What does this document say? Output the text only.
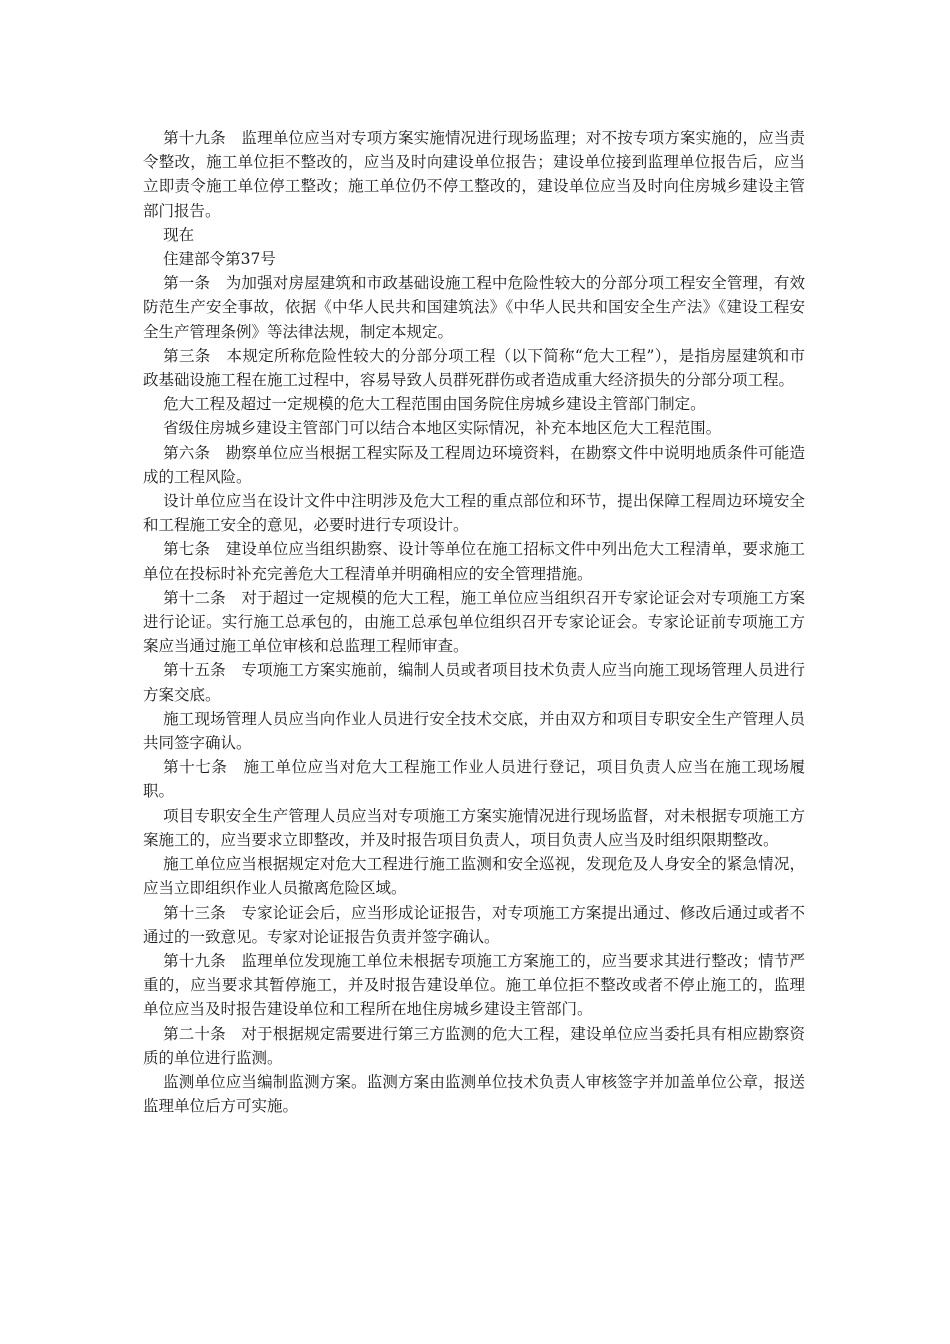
第十九条　监理单位应当对专项方案实施情况进行现场监理；对不按专项方案实施的，应当责令整改，施工单位拒不整改的，应当及时向建设单位报告；建设单位接到监理单位报告后，应当立即责令施工单位停工整改；施工单位仍不停工整改的，建设单位应当及时向住房城乡建设主管部门报告。

现在

住建部令第37号

第一条　为加强对房屋建筑和市政基础设施工程中危险性较大的分部分项工程安全管理，有效防范生产安全事故，依据《中华人民共和国建筑法》《中华人民共和国安全生产法》《建设工程安全生产管理条例》等法律法规，制定本规定。

第三条　本规定所称危险性较大的分部分项工程（以下简称“危大工程”），是指房屋建筑和市政基础设施工程在施工过程中，容易导致人员群死群伤或者造成重大经济损失的分部分项工程。

危大工程及超过一定规模的危大工程范围由国务院住房城乡建设主管部门制定。

省级住房城乡建设主管部门可以结合本地区实际情况，补充本地区危大工程范围。

第六条　勘察单位应当根据工程实际及工程周边环境资料，在勘察文件中说明地质条件可能造成的工程风险。

设计单位应当在设计文件中注明涉及危大工程的重点部位和环节，提出保障工程周边环境安全和工程施工安全的意见，必要时进行专项设计。

第七条　建设单位应当组织勘察、设计等单位在施工招标文件中列出危大工程清单，要求施工单位在投标时补充完善危大工程清单并明确相应的安全管理措施。

第十二条　对于超过一定规模的危大工程，施工单位应当组织召开专家论证会对专项施工方案进行论证。实行施工总承包的，由施工总承包单位组织召开专家论证会。专家论证前专项施工方案应当通过施工单位审核和总监理工程师审查。

第十五条　专项施工方案实施前，编制人员或者项目技术负责人应当向施工现场管理人员进行方案交底。

施工现场管理人员应当向作业人员进行安全技术交底，并由双方和项目专职安全生产管理人员共同签字确认。

第十七条　施工单位应当对危大工程施工作业人员进行登记，项目负责人应当在施工现场履职。

项目专职安全生产管理人员应当对专项施工方案实施情况进行现场监督，对未根据专项施工方案施工的，应当要求立即整改，并及时报告项目负责人，项目负责人应当及时组织限期整改。

施工单位应当根据规定对危大工程进行施工监测和安全巡视，发现危及人身安全的紧急情况，应当立即组织作业人员撤离危险区域。

第十三条　专家论证会后，应当形成论证报告，对专项施工方案提出通过、修改后通过或者不通过的一致意见。专家对论证报告负责并签字确认。

第十九条　监理单位发现施工单位未根据专项施工方案施工的，应当要求其进行整改；情节严重的，应当要求其暂停施工，并及时报告建设单位。施工单位拒不整改或者不停止施工的，监理单位应当及时报告建设单位和工程所在地住房城乡建设主管部门。

第二十条　对于根据规定需要进行第三方监测的危大工程，建设单位应当委托具有相应勘察资质的单位进行监测。

监测单位应当编制监测方案。监测方案由监测单位技术负责人审核签字并加盖单位公章，报送监理单位后方可实施。
